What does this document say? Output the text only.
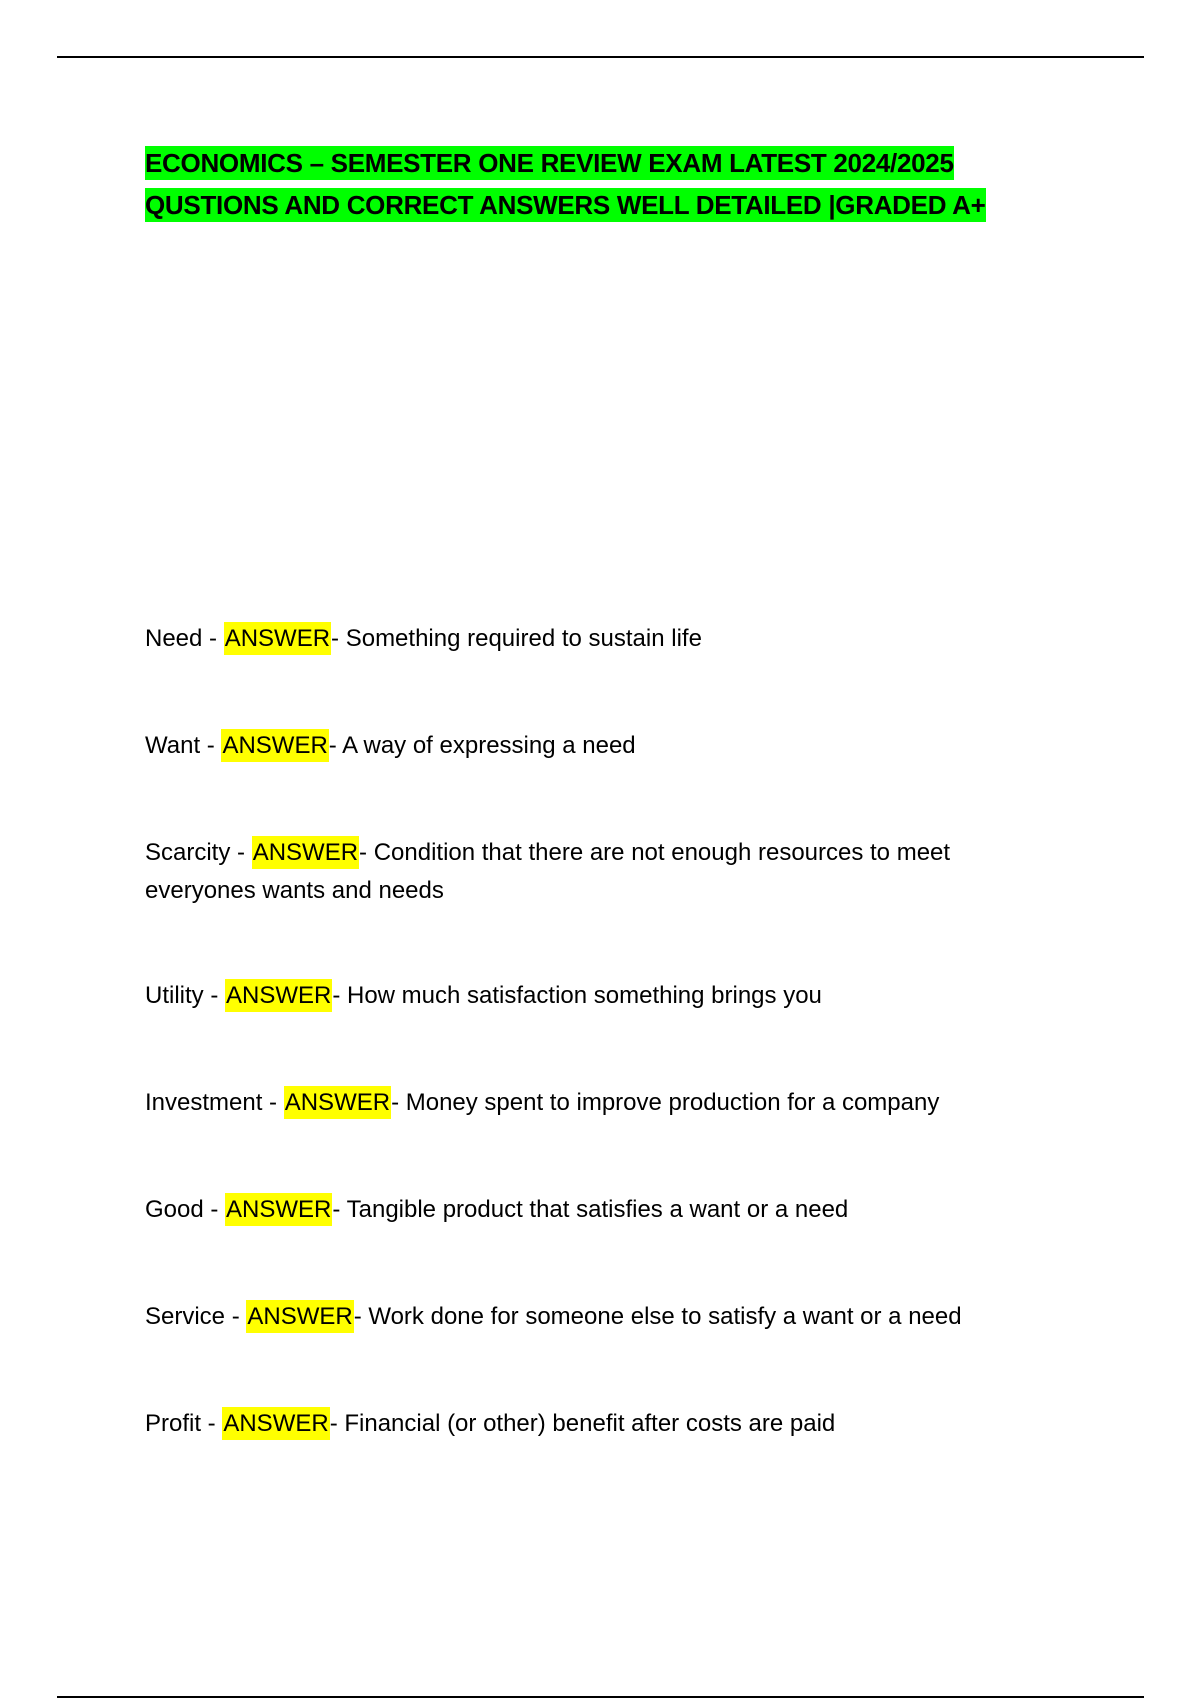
ECONOMICS – SEMESTER ONE REVIEW EXAM LATEST 2024/2025
QUSTIONS AND CORRECT ANSWERS WELL DETAILED |GRADED A+
Need - ANSWER- Something required to sustain life
Want - ANSWER- A way of expressing a need
Scarcity - ANSWER- Condition that there are not enough resources to meet everyones wants and needs
Utility - ANSWER- How much satisfaction something brings you
Investment - ANSWER- Money spent to improve production for a company
Good - ANSWER- Tangible product that satisfies a want or a need
Service - ANSWER- Work done for someone else to satisfy a want or a need
Profit - ANSWER- Financial (or other) benefit after costs are paid
